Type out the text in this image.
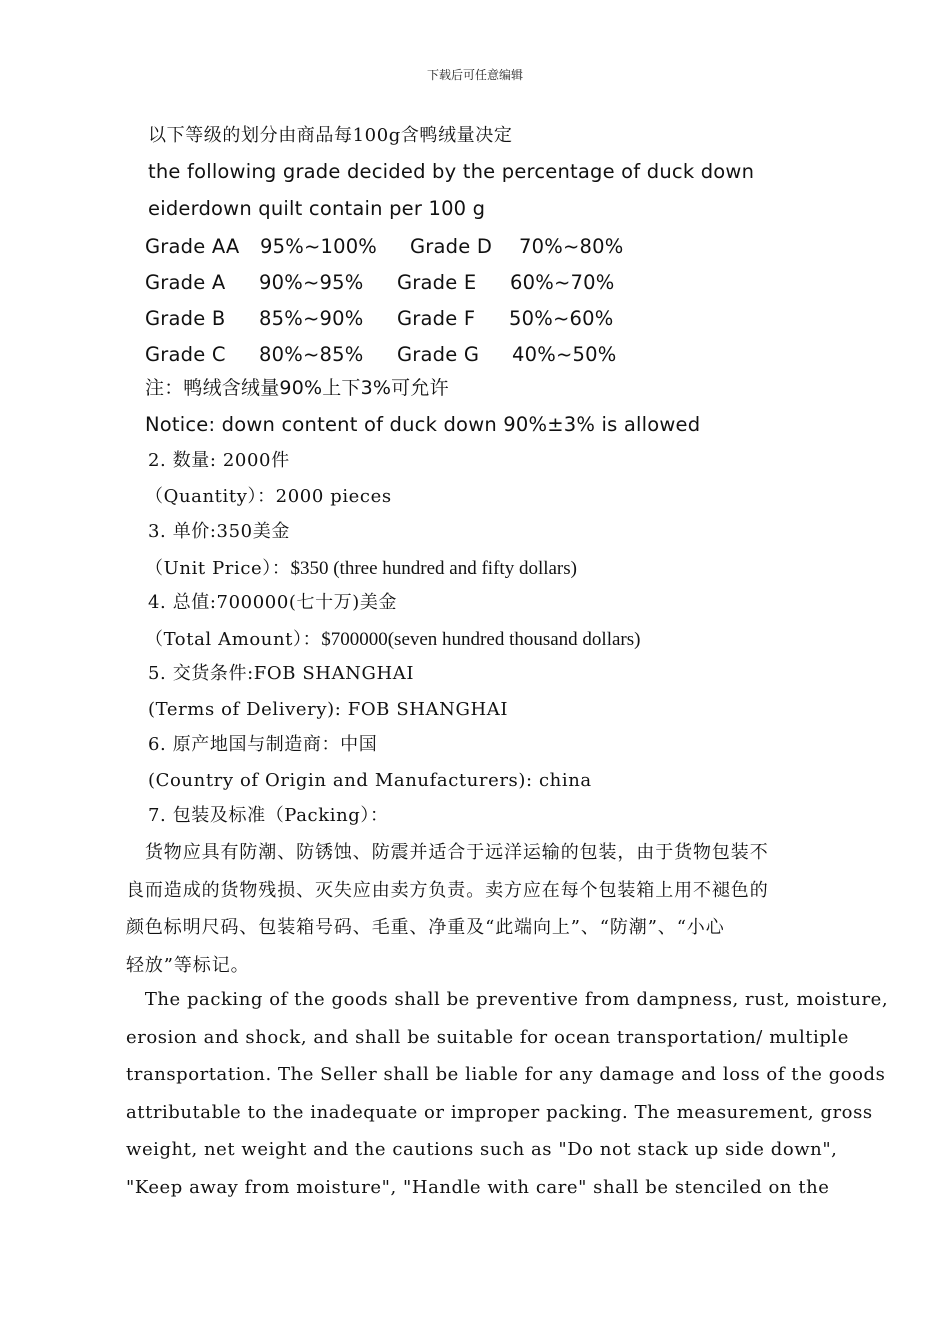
下载后可任意编辑
以下等级的划分由商品每100g含鸭绒量决定
the following grade decided by the percentage of duck down
eiderdown quilt contain per 100 g
Grade AA 95%~100% Grade D 70%~80%
Grade A 90%~95% Grade E 60%~70%
Grade B 85%~90% Grade F 50%~60%
Grade C 80%~85% Grade G 40%~50%
注：鸭绒含绒量90%上下3%可允许
Notice: down content of duck down 90%±3% is allowed
2. 数量: 2000件
（Quantity）：2000 pieces
3. 单价:350美金
（Unit Price）：$350 (three hundred and fifty dollars)
4. 总值:700000(七十万)美金
（Total Amount）：$700000(seven hundred thousand dollars)
5. 交货条件:FOB SHANGHAI
(Terms of Delivery): FOB SHANGHAI
6. 原产地国与制造商：中国
(Country of Origin and Manufacturers): china
7. 包装及标准（Packing）：
　货物应具有防潮、防锈蚀、防震并适合于远洋运输的包装，由于货物包装不
良而造成的货物残损、灭失应由卖方负责。卖方应在每个包装箱上用不褪色的
颜色标明尺码、包装箱号码、毛重、净重及“此端向上”、“防潮”、“小心
轻放”等标记。
The packing of the goods shall be preventive from dampness, rust, moisture,
erosion and shock, and shall be suitable for ocean transportation/ multiple
transportation. The Seller shall be liable for any damage and loss of the goods
attributable to the inadequate or improper packing. The measurement, gross
weight, net weight and the cautions such as "Do not stack up side down",
"Keep away from moisture", "Handle with care" shall be stenciled on the
